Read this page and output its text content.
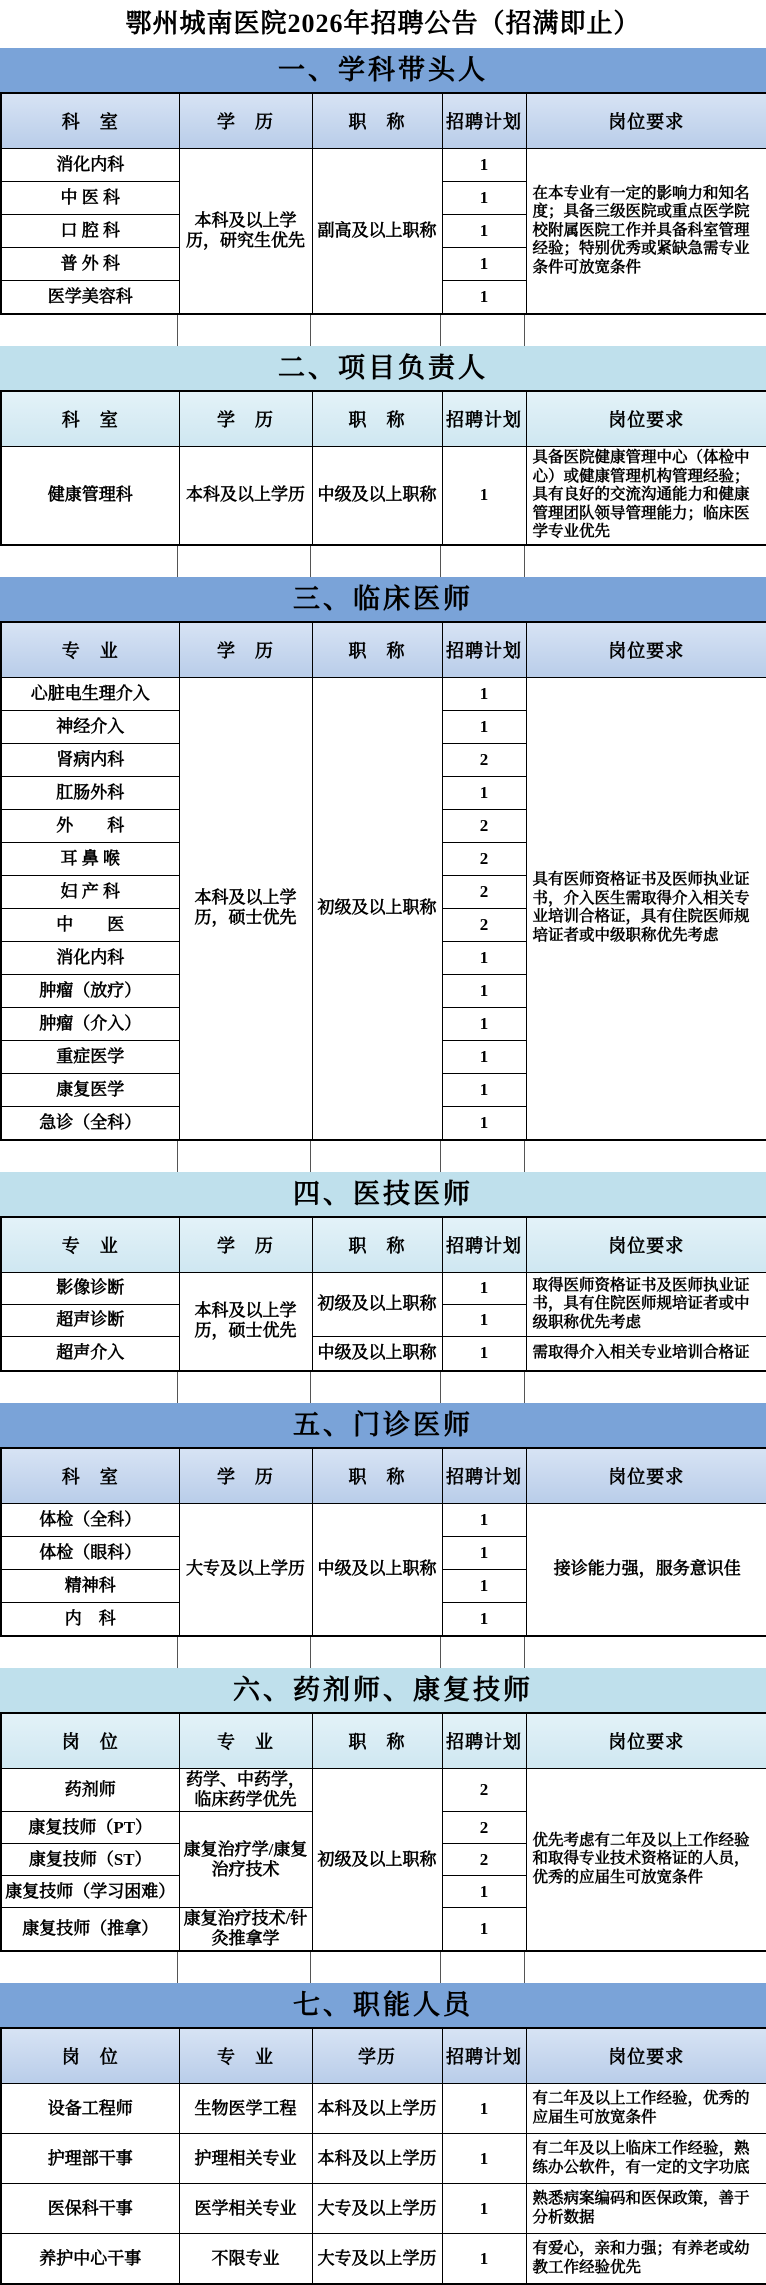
鄂州城南医院2026年招聘公告（招满即止）
一、学科带头人
科　室	学　历	职　称	招聘计划	岗位要求
消化内科	本科及以上学历，研究生优先	副高及以上职称	1	在本专业有一定的影响力和知名度；具备三级医院或重点医学院校附属医院工作并具备科室管理经验；特别优秀或紧缺急需专业条件可放宽条件
中 医 科			1	
口 腔 科			1	
普 外 科			1	
医学美容科			1	
二、项目负责人
科　室	学　历	职　称	招聘计划	岗位要求
健康管理科	本科及以上学历	中级及以上职称	1	具备医院健康管理中心（体检中心）或健康管理机构管理经验；具有良好的交流沟通能力和健康管理团队领导管理能力；临床医学专业优先
三、临床医师
专　业	学　历	职　称	招聘计划	岗位要求
心脏电生理介入	本科及以上学历，硕士优先	初级及以上职称	1	具有医师资格证书及医师执业证书，介入医生需取得介入相关专业培训合格证，具有住院医师规培证者或中级职称优先考虑
神经介入			1	
肾病内科			2	
肛肠外科			1	
外　　科			2	
耳 鼻 喉			2	
妇 产 科			2	
中　　医			2	
消化内科			1	
肿瘤（放疗）			1	
肿瘤（介入）			1	
重症医学			1	
康复医学			1	
急诊（全科）			1	
四、医技医师
专　业	学　历	职　称	招聘计划	岗位要求
影像诊断	本科及以上学历，硕士优先	初级及以上职称	1	取得医师资格证书及医师执业证书，具有住院医师规培证者或中级职称优先考虑
超声诊断			1	
超声介入		中级及以上职称	1	需取得介入相关专业培训合格证
五、门诊医师
科　室	学　历	职　称	招聘计划	岗位要求
体检（全科）	大专及以上学历	中级及以上职称	1	接诊能力强，服务意识佳
体检（眼科）			1	
精神科			1	
内　科			1	
六、药剂师、康复技师
岗　位	专　业	职　称	招聘计划	岗位要求
药剂师	药学、中药学，临床药学优先	初级及以上职称	2	优先考虑有二年及以上工作经验和取得专业技术资格证的人员，优秀的应届生可放宽条件
康复技师（PT）	康复治疗学/康复治疗技术		2	
康复技师（ST）			2	
康复技师（学习困难）			1	
康复技师（推拿）	康复治疗技术/针灸推拿学		1	
七、职能人员
岗　位	专　业	学历	招聘计划	岗位要求
设备工程师	生物医学工程	本科及以上学历	1	有二年及以上工作经验，优秀的应届生可放宽条件
护理部干事	护理相关专业	本科及以上学历	1	有二年及以上临床工作经验，熟练办公软件，有一定的文字功底
医保科干事	医学相关专业	大专及以上学历	1	熟悉病案编码和医保政策，善于分析数据
养护中心干事	不限专业	大专及以上学历	1	有爱心，亲和力强；有养老或幼教工作经验优先
